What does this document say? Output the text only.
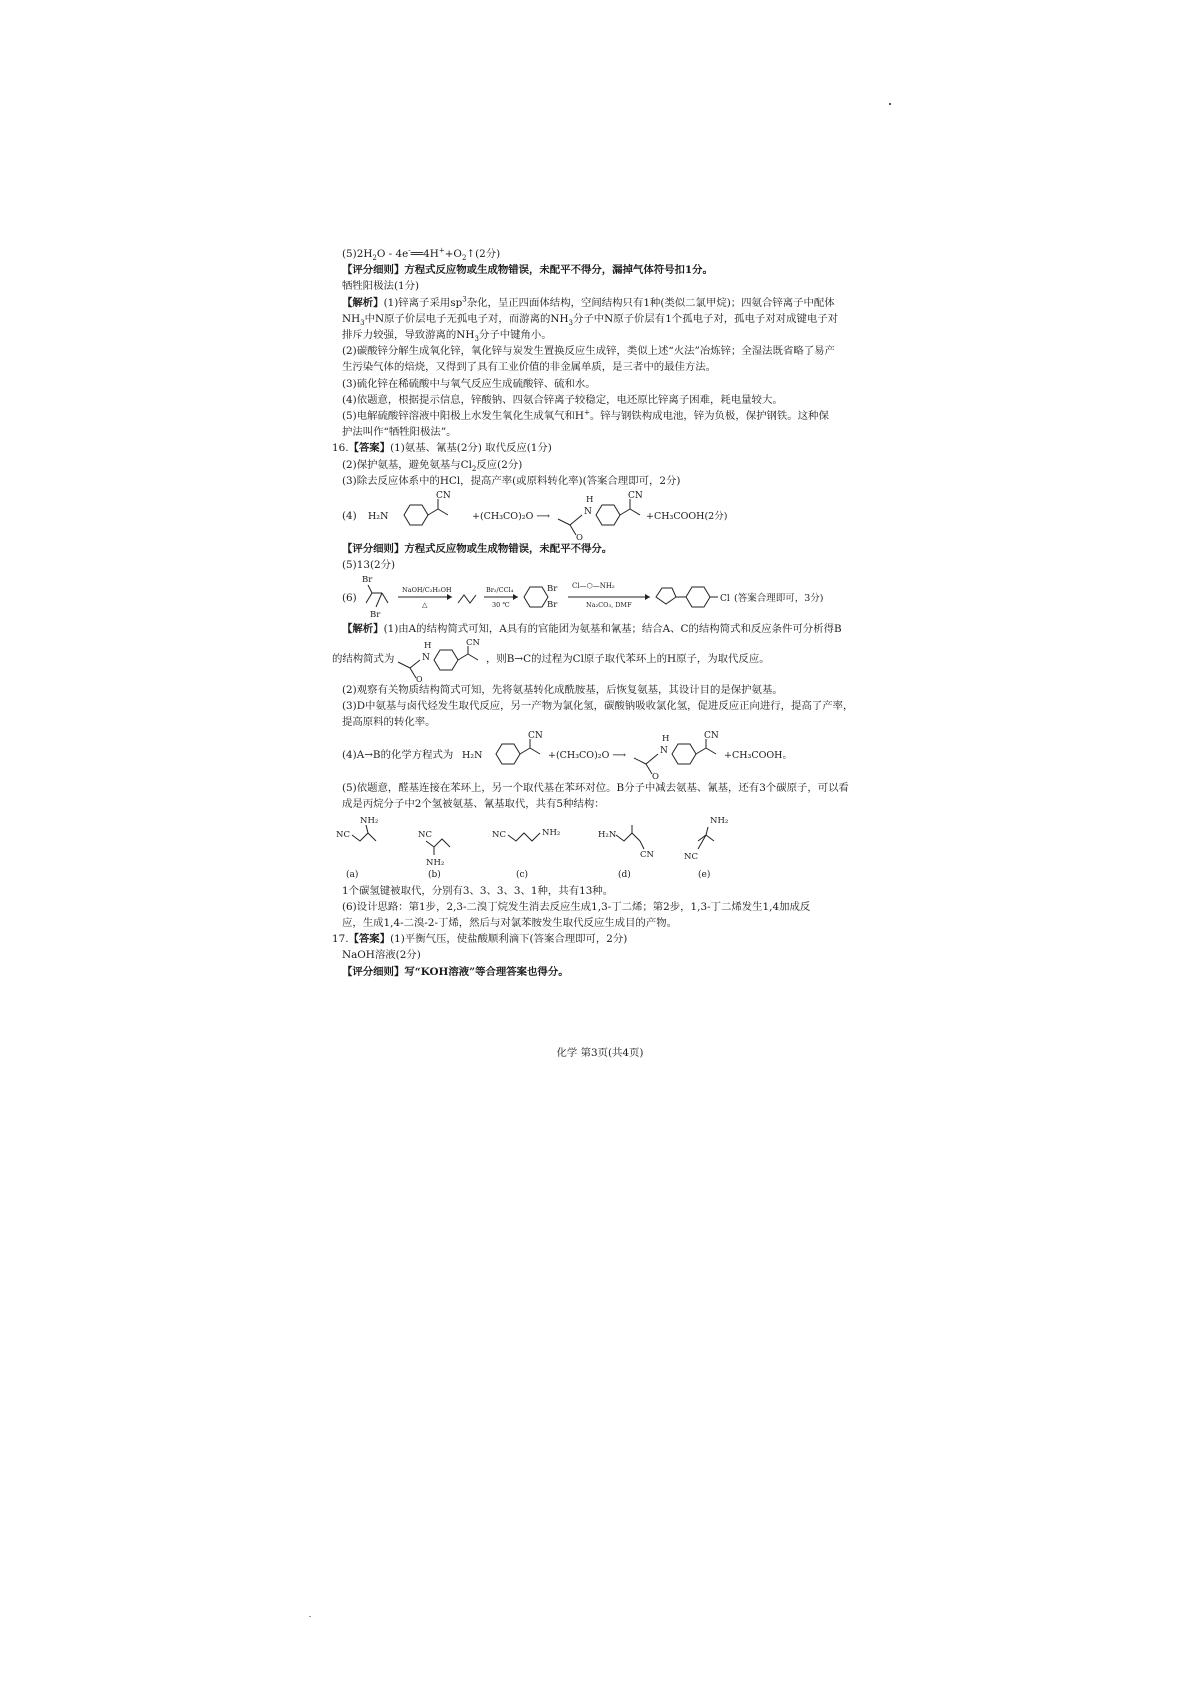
$(5)2H_2O$ - $4e^-══4H^++O_2↑(2$分)
【评分细则】方程式反应物或生成物错误，未配平不得分，漏掉气体符号扣1分。
牺牲阳极法(1分)
【解析】(1)锌离子采用$sp^3$杂化，呈正四面体结构，空间结构只有1种(类似二氯甲烷)；四氨合锌离子中配体
$NH_3$中N原子价层电子无孤电子对，而游离的$NH_3$分子中N原子价层有1个孤电子对，孤电子对对成键电子对
排斥力较强，导致游离的$NH_3$分子中键角小。
(2)碳酸锌分解生成氧化锌，氧化锌与炭发生置换反应生成锌，类似上述“火法”冶炼锌；全湿法既省略了易产
生污染气体的焙烧，又得到了具有工业价值的非金属单质，是三者中的最佳方法。
(3)硫化锌在稀硫酸中与氧气反应生成硫酸锌、硫和水。
(4)依题意，根据提示信息，锌酸钠、四氨合锌离子较稳定，电还原比锌离子困难，耗电量较大。
(5)电解硫酸锌溶液中阳极上水发生氧化生成氧气和H+。锌与钢铁构成电池，锌为负极，保护钢铁。这种保
护法叫作“牺牲阳极法”。
16.【答案】(1)氨基、氰基(2分) 取代反应(1分)
(2)保护氨基，避免氨基与$Cl_2$反应(2分)
(3)除去反应体系中的HCl，提高产率(或原料转化率)(答案合理即可，2分)
(4) H₂N
CN
+(CH₃CO)₂O ⟶
H
N
O
CN
+CH₃COOH(2分)
【评分细则】方程式反应物或生成物错误，未配平不得分。
(5)13(2分)
(6)
Br
Br
NaOH/C₂H₅OH
△
Br₂/CCl₄
30 ℃
Br
Br
Cl—⬡—NH₂
Na₂CO₃, DMF
Cl (答案合理即可，3分)
【解析】(1)由A的结构简式可知，A具有的官能团为氨基和氰基；结合A、C的结构简式和反应条件可分析得B
的结构简式为
H
N
O
CN
，则B→C的过程为Cl原子取代苯环上的H原子，为取代反应。
(2)观察有关物质结构简式可知，先将氨基转化成酰胺基，后恢复氨基，其设计目的是保护氨基。
(3)D中氨基与卤代烃发生取代反应，另一产物为氯化氢，碳酸钠吸收氯化氢，促进反应正向进行，提高了产率，
提高原料的转化率。
(4)A→B的化学方程式为 H₂N
CN
+(CH₃CO)₂O ⟶
H
N
O
CN
+CH₃COOH。
(5)依题意，醛基连接在苯环上，另一个取代基在苯环对位。B分子中减去氨基、氰基，还有3个碳原子，可以看
成是丙烷分子中2个氢被氨基、氰基取代，共有5种结构：
NH₂
NC
(a)
NC
NH₂
(b)
NC	NH₂
(c)
H₂N
CN
(d)
NH₂
NC
(e)
1个碳氢键被取代，分别有3、3、3、3、1种，共有13种。
(6)设计思路：第1步，2,3-二溴丁烷发生消去反应生成1,3-丁二烯；第2步，1,3-丁二烯发生1,4加成反
应，生成1,4-二溴-2-丁烯，然后与对氯苯胺发生取代反应生成目的产物。
17.【答案】(1)平衡气压，使盐酸顺利滴下(答案合理即可，2分)
NaOH溶液(2分)
【评分细则】写“KOH溶液”等合理答案也得分。
化学 第3页(共4页)
